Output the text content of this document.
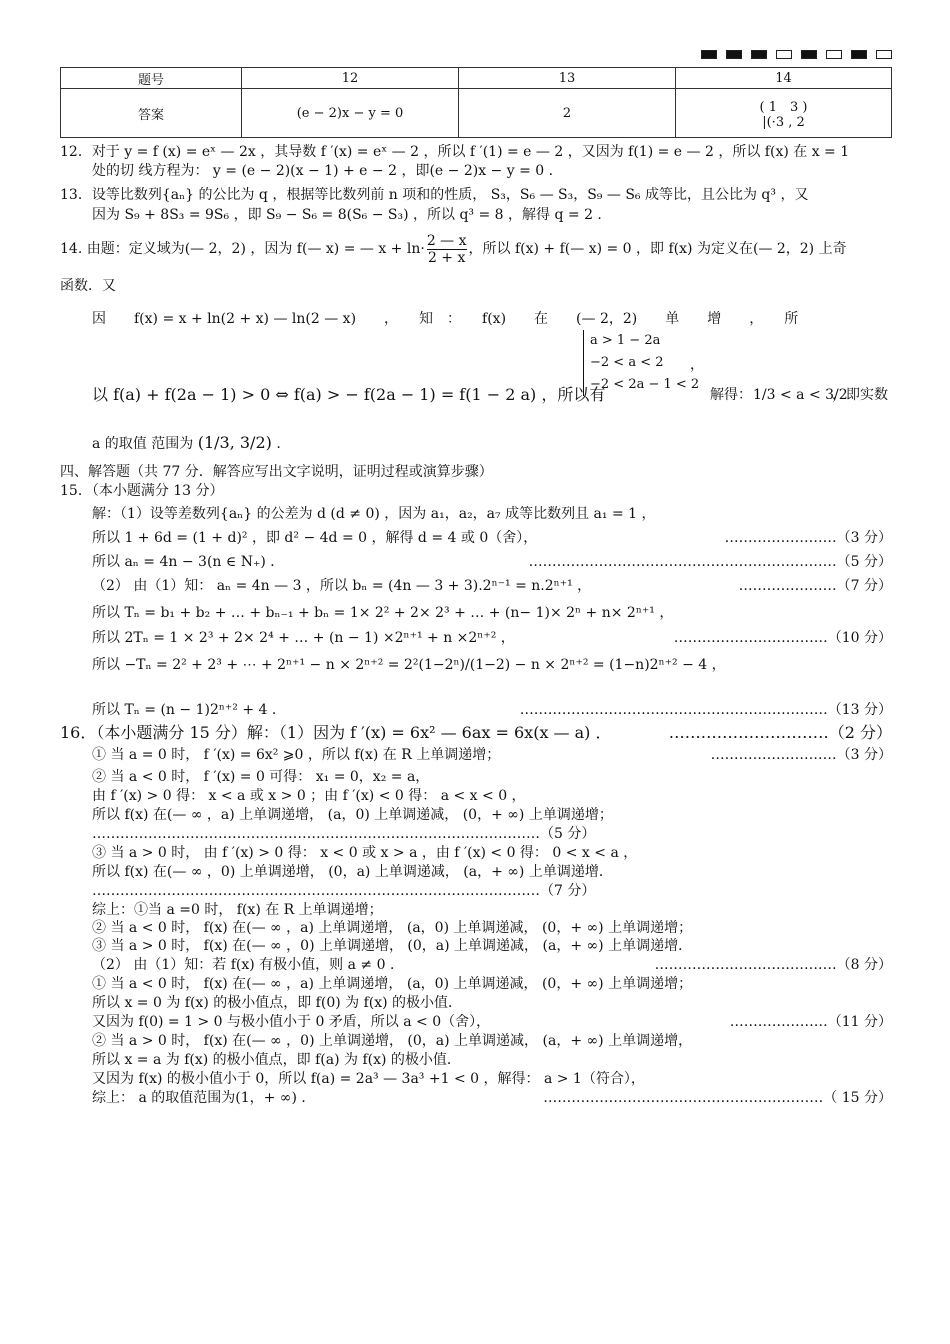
题号	12	13	14
答案	(e − 2)x − y = 0	2	( 1　3 )
|(·3 , 2
12．对于 y = f (x) = eˣ — 2x ，其导数 f ′(x) = eˣ — 2 ，所以 f ′(1) = e — 2 ，又因为 f(1) = e — 2 ，所以 f(x) 在 x = 1
处的切 线方程为： y = (e − 2)(x − 1) + e − 2 ，即(e − 2)x − y = 0 .
13．设等比数列{aₙ} 的公比为 q ，根据等比数列前 n 项和的性质， S₃，S₆ — S₃，S₉ — S₆ 成等比，且公比为 q³ ，又
因为 S₉ + 8S₃ = 9S₆ ，即 S₉ − S₆ = 8(S₆ − S₃) ，所以 q³ = 8 ，解得 q = 2 .
14. 由题：定义域为(— 2，2) ，因为 f(— x) = — $x + \ln\cdot \frac{2 — x}{2 + x}$ ，所以 f(x) + f(— x) = 0 ，即 f(x) 为定义在(— 2，2) 上奇
函数．又
因　　f(x) = x + ln(2 + x) — ln(2 — x)　　，　　知　：　　f(x)　　在　　(— 2，2)　　单　　增　　，　　所
a > 1 − 2a
−2 < a < 2
−2 < 2a − 1 < 2
，
以 f(a) + f(2a − 1) > 0 ⇔ f(a) > − f(2a − 1) = f(1 − 2 a) ，所以有	解得： 1/3 < a < 3/2
，即实数
a 的取值 范围为 (1/3, 3/2) .
四、解答题（共 77 分．解答应写出文字说明，证明过程或演算步骤）
15．（本小题满分 13 分）
解：（1）设等差数列{aₙ} 的公差为 d (d ≠ 0) ，因为 a₁，a₂，a₇ 成等比数列且 a₁ = 1 ，
所以 1 + 6d = (1 + d)² ，即 d² − 4d = 0 ，解得 d = 4 或 0（舍），	……………………（3 分）
所以 aₙ = 4n − 3(n ∈ N₊) ．	…………………………………………………………（5 分）
（2） 由（1）知： aₙ = 4n — 3 ，所以 bₙ = (4n — 3 + 3).2ⁿ⁻¹ = n.2ⁿ⁺¹ ，	…………………（7 分）
所以 Tₙ = b₁ + b₂ + … + bₙ₋₁ + bₙ = 1× 2² + 2× 2³ + … + (n− 1)× 2ⁿ + n× 2ⁿ⁺¹ ，
所以 2Tₙ = 1 × 2³ + 2× 2⁴ + … + (n − 1) ×2ⁿ⁺¹ + n ×2ⁿ⁺² ，	……………………………（10 分）
所以 −Tₙ = 2² + 2³ + ⋯ + 2ⁿ⁺¹ − n × 2ⁿ⁺² = 2²(1−2ⁿ)/(1−2) − n × 2ⁿ⁺² = (1−n)2ⁿ⁺² − 4 ，
所以 Tₙ = (n − 1)2ⁿ⁺² + 4 ．	…………………………………………………………（13 分）
16．（本小题满分 15 分）解：（1）因为 f ′(x) = 6x² — 6ax = 6x(x — a) ．	…………………………（2 分）
① 当 a = 0 时， f ′(x) = 6x² ⩾0 ，所以 f(x) 在 R 上单调递增；	………………………（3 分）
② 当 a < 0 时， f ′(x) = 0 可得： x₁ = 0，x₂ = a，
由 f ′(x) > 0 得： x < a 或 x > 0 ；由 f ′(x) < 0 得： a < x < 0 ，
所以 f(x) 在(— ∞ ，a) 上单调递增， (a，0) 上单调递减， (0，+ ∞) 上单调递增；
……………………………………………………………………………………（5 分）
③ 当 a > 0 时， 由 f ′(x) > 0 得： x < 0 或 x > a ，由 f ′(x) < 0 得： 0 < x < a ，
所以 f(x) 在(— ∞ ，0) 上单调递增， (0，a) 上单调递减， (a，+ ∞) 上单调递增．
……………………………………………………………………………………（7 分）
综上：①当 a =0 时， f(x) 在 R 上单调递增；
② 当 a < 0 时， f(x) 在(— ∞ ，a) 上单调递增， (a，0) 上单调递减， (0，+ ∞) 上单调递增；
③ 当 a > 0 时， f(x) 在(— ∞ ，0) 上单调递增， (0，a) 上单调递减， (a，+ ∞) 上单调递增．
（2） 由（1）知：若 f(x) 有极小值，则 a ≠ 0 ．	…………………………………（8 分）
① 当 a < 0 时， f(x) 在(— ∞ ，a) 上单调递增， (a，0) 上单调递减， (0，+ ∞) 上单调递增；
所以 x = 0 为 f(x) 的极小值点，即 f(0) 为 f(x) 的极小值．
又因为 f(0) = 1 > 0 与极小值小于 0 矛盾，所以 a < 0（舍），	…………………（11 分）
② 当 a > 0 时， f(x) 在(— ∞ ，0) 上单调递增， (0，a) 上单调递减， (a，+ ∞) 上单调递增，
所以 x = a 为 f(x) 的极小值点，即 f(a) 为 f(x) 的极小值．
又因为 f(x) 的极小值小于 0，所以 f(a) = 2a³ — 3a³ +1 < 0 ，解得： a > 1（符合），
综上： a 的取值范围为(1，+ ∞) ．	……………………………………………………（ 15 分）
